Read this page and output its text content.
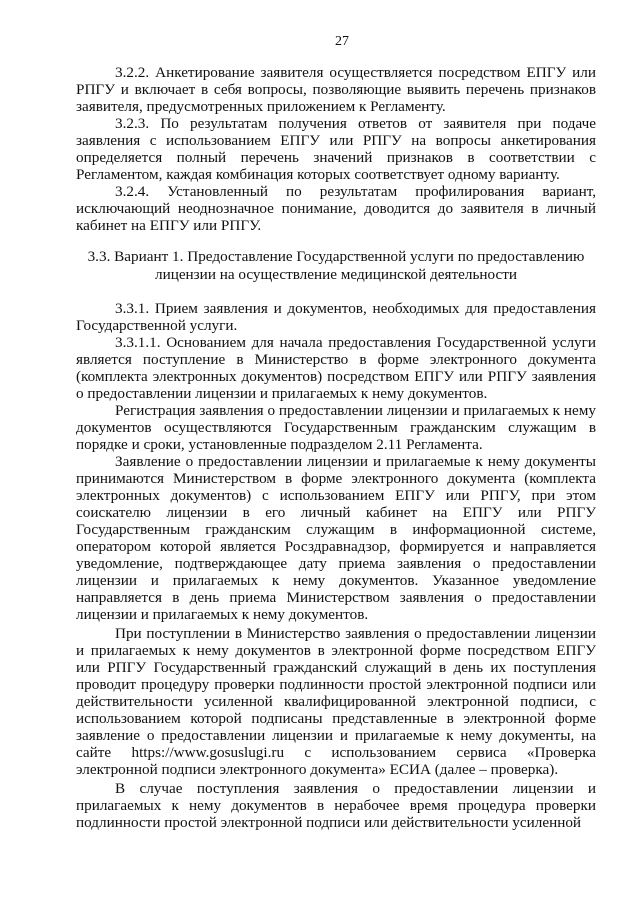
27

3.2.2. Анкетирование заявителя осуществляется посредством ЕПГУ или РПГУ и включает в себя вопросы, позволяющие выявить перечень признаков заявителя, предусмотренных приложением к Регламенту.

3.2.3. По результатам получения ответов от заявителя при подаче заявления с использованием ЕПГУ или РПГУ на вопросы анкетирования определяется полный перечень значений признаков в соответствии с Регламентом, каждая комбинация которых соответствует одному варианту.

3.2.4. Установленный по результатам профилирования вариант, исключающий неоднозначное понимание, доводится до заявителя в личный кабинет на ЕПГУ или РПГУ.

3.3. Вариант 1. Предоставление Государственной услуги по предоставлению лицензии на осуществление медицинской деятельности

3.3.1. Прием заявления и документов, необходимых для предоставления Государственной услуги.

3.3.1.1. Основанием для начала предоставления Государственной услуги является поступление в Министерство в форме электронного документа (комплекта электронных документов) посредством ЕПГУ или РПГУ заявления о предоставлении лицензии и прилагаемых к нему документов.

Регистрация заявления о предоставлении лицензии и прилагаемых к нему документов осуществляются Государственным гражданским служащим в порядке и сроки, установленные подразделом 2.11 Регламента.

Заявление о предоставлении лицензии и прилагаемые к нему документы принимаются Министерством в форме электронного документа (комплекта электронных документов) с использованием ЕПГУ или РПГУ, при этом соискателю лицензии в его личный кабинет на ЕПГУ или РПГУ Государственным гражданским служащим в информационной системе, оператором которой является Росздравнадзор, формируется и направляется уведомление, подтверждающее дату приема заявления о предоставлении лицензии и прилагаемых к нему документов. Указанное уведомление направляется в день приема Министерством заявления о предоставлении лицензии и прилагаемых к нему документов.

При поступлении в Министерство заявления о предоставлении лицензии и прилагаемых к нему документов в электронной форме посредством ЕПГУ или РПГУ Государственный гражданский служащий в день их поступления проводит процедуру проверки подлинности простой электронной подписи или действительности усиленной квалифицированной электронной подписи, с использованием которой подписаны представленные в электронной форме заявление о предоставлении лицензии и прилагаемые к нему документы, на сайте https://www.gosuslugi.ru с использованием сервиса «Проверка электронной подписи электронного документа» ЕСИА (далее – проверка).

В случае поступления заявления о предоставлении лицензии и прилагаемых к нему документов в нерабочее время процедура проверки подлинности простой электронной подписи или действительности усиленной
